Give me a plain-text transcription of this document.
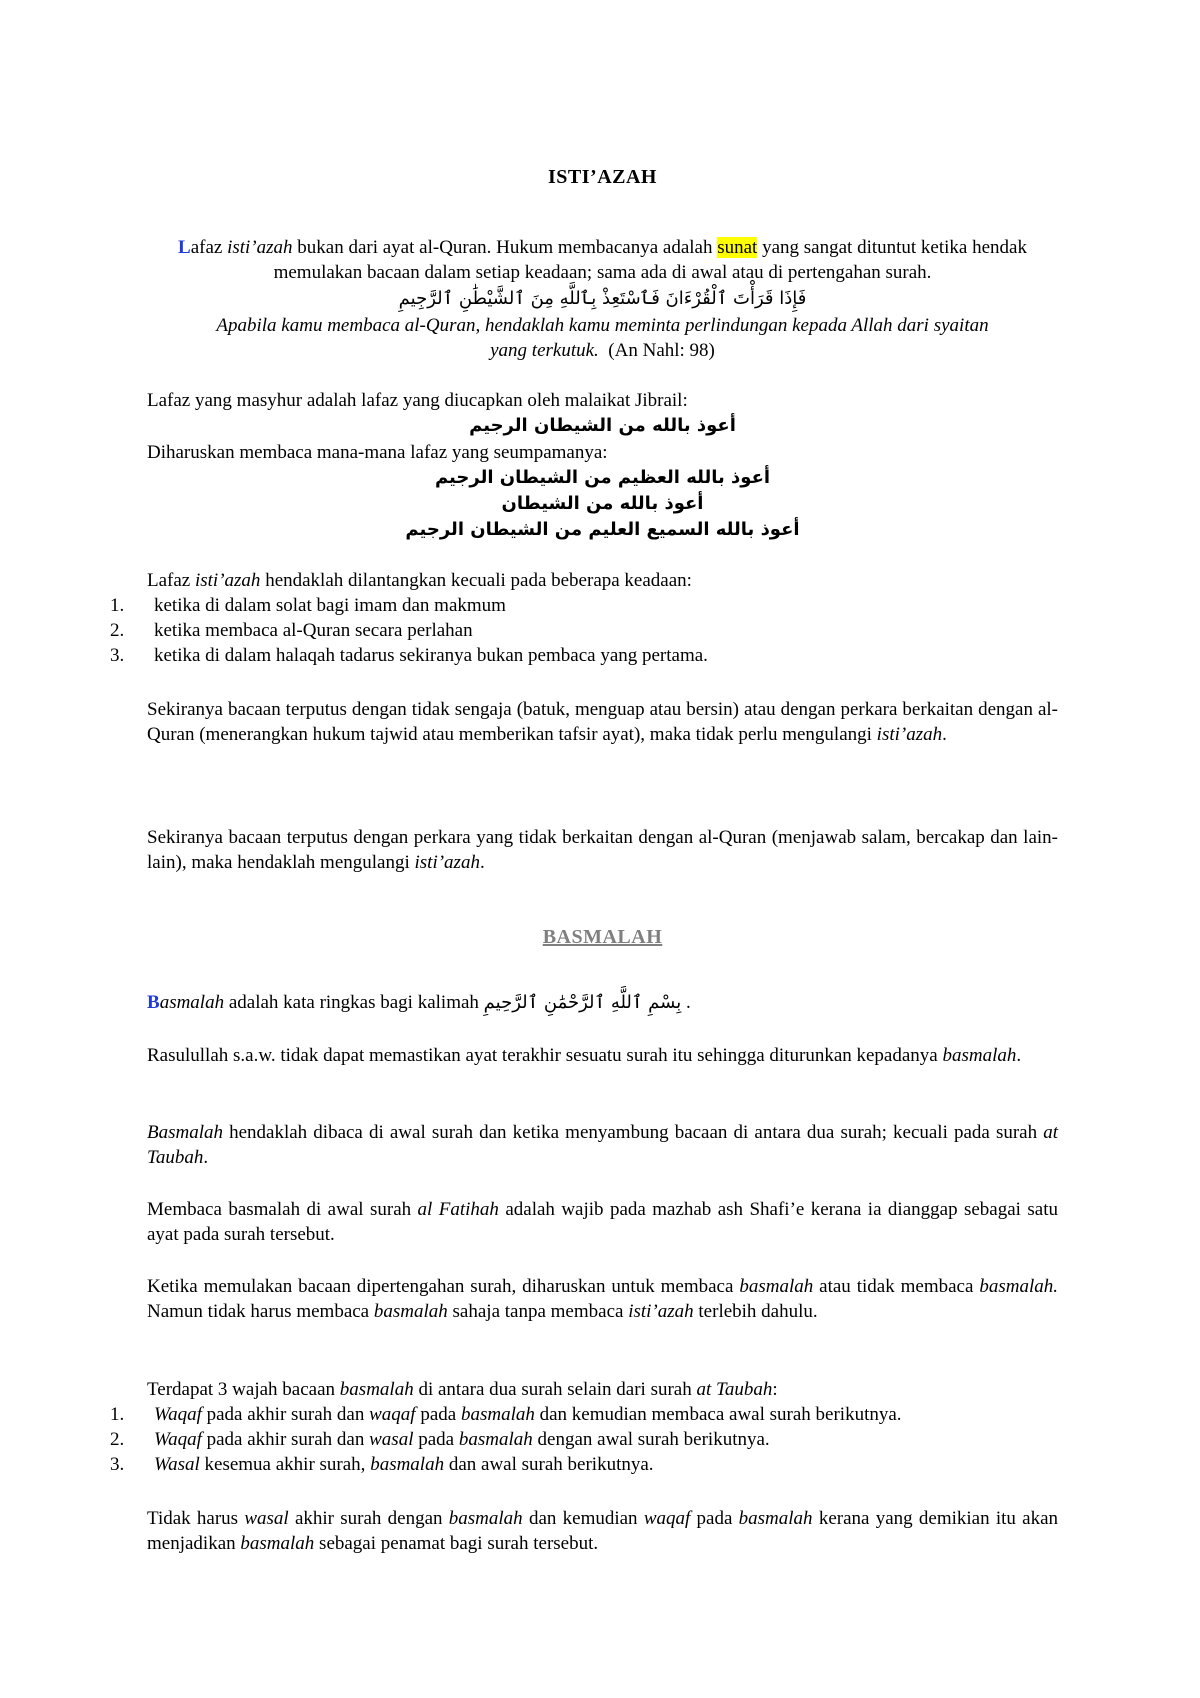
ISTI’AZAH

Lafaz isti’azah bukan dari ayat al-Quran. Hukum membacanya adalah sunat yang sangat dituntut ketika hendak memulakan bacaan dalam setiap keadaan; sama ada di awal atau di pertengahan surah.

فَإِذَا قَرَأْتَ ٱلْقُرْءَانَ فَٱسْتَعِذْ بِٱللَّهِ مِنَ ٱلشَّيْطَٰنِ ٱلرَّجِيمِ

Apabila kamu membaca al-Quran, hendaklah kamu meminta perlindungan kepada Allah dari syaitan
yang terkutuk. (An Nahl: 98)

Lafaz yang masyhur adalah lafaz yang diucapkan oleh malaikat Jibrail:

أعوذ بالله من الشيطان الرجيم

Diharuskan membaca mana-mana lafaz yang seumpamanya:

أعوذ بالله العظيم من الشيطان الرجيم
أعوذ بالله من الشيطان
أعوذ بالله السميع العليم من الشيطان الرجيم

Lafaz isti’azah hendaklah dilantangkan kecuali pada beberapa keadaan:

1. ketika di dalam solat bagi imam dan makmum
2. ketika membaca al-Quran secara perlahan
3. ketika di dalam halaqah tadarus sekiranya bukan pembaca yang pertama.

Sekiranya bacaan terputus dengan tidak sengaja (batuk, menguap atau bersin) atau dengan perkara berkaitan dengan al-Quran (menerangkan hukum tajwid atau memberikan tafsir ayat), maka tidak perlu mengulangi isti’azah.

Sekiranya bacaan terputus dengan perkara yang tidak berkaitan dengan al-Quran (menjawab salam, bercakap dan lain-lain), maka hendaklah mengulangi isti’azah.

BASMALAH

Basmalah adalah kata ringkas bagi kalimah بِسْمِ ٱللَّهِ ٱلرَّحْمَٰنِ ٱلرَّحِيمِ .

Rasulullah s.a.w. tidak dapat memastikan ayat terakhir sesuatu surah itu sehingga diturunkan kepadanya basmalah.

Basmalah hendaklah dibaca di awal surah dan ketika menyambung bacaan di antara dua surah; kecuali pada surah at Taubah.

Membaca basmalah di awal surah al Fatihah adalah wajib pada mazhab ash Shafi’e kerana ia dianggap sebagai satu ayat pada surah tersebut.

Ketika memulakan bacaan dipertengahan surah, diharuskan untuk membaca basmalah atau tidak membaca basmalah. Namun tidak harus membaca basmalah sahaja tanpa membaca isti’azah terlebih dahulu.

Terdapat 3 wajah bacaan basmalah di antara dua surah selain dari surah at Taubah:

1. Waqaf pada akhir surah dan waqaf pada basmalah dan kemudian membaca awal surah berikutnya.
2. Waqaf pada akhir surah dan wasal pada basmalah dengan awal surah berikutnya.
3. Wasal kesemua akhir surah, basmalah dan awal surah berikutnya.

Tidak harus wasal akhir surah dengan basmalah dan kemudian waqaf pada basmalah kerana yang demikian itu akan menjadikan basmalah sebagai penamat bagi surah tersebut.
